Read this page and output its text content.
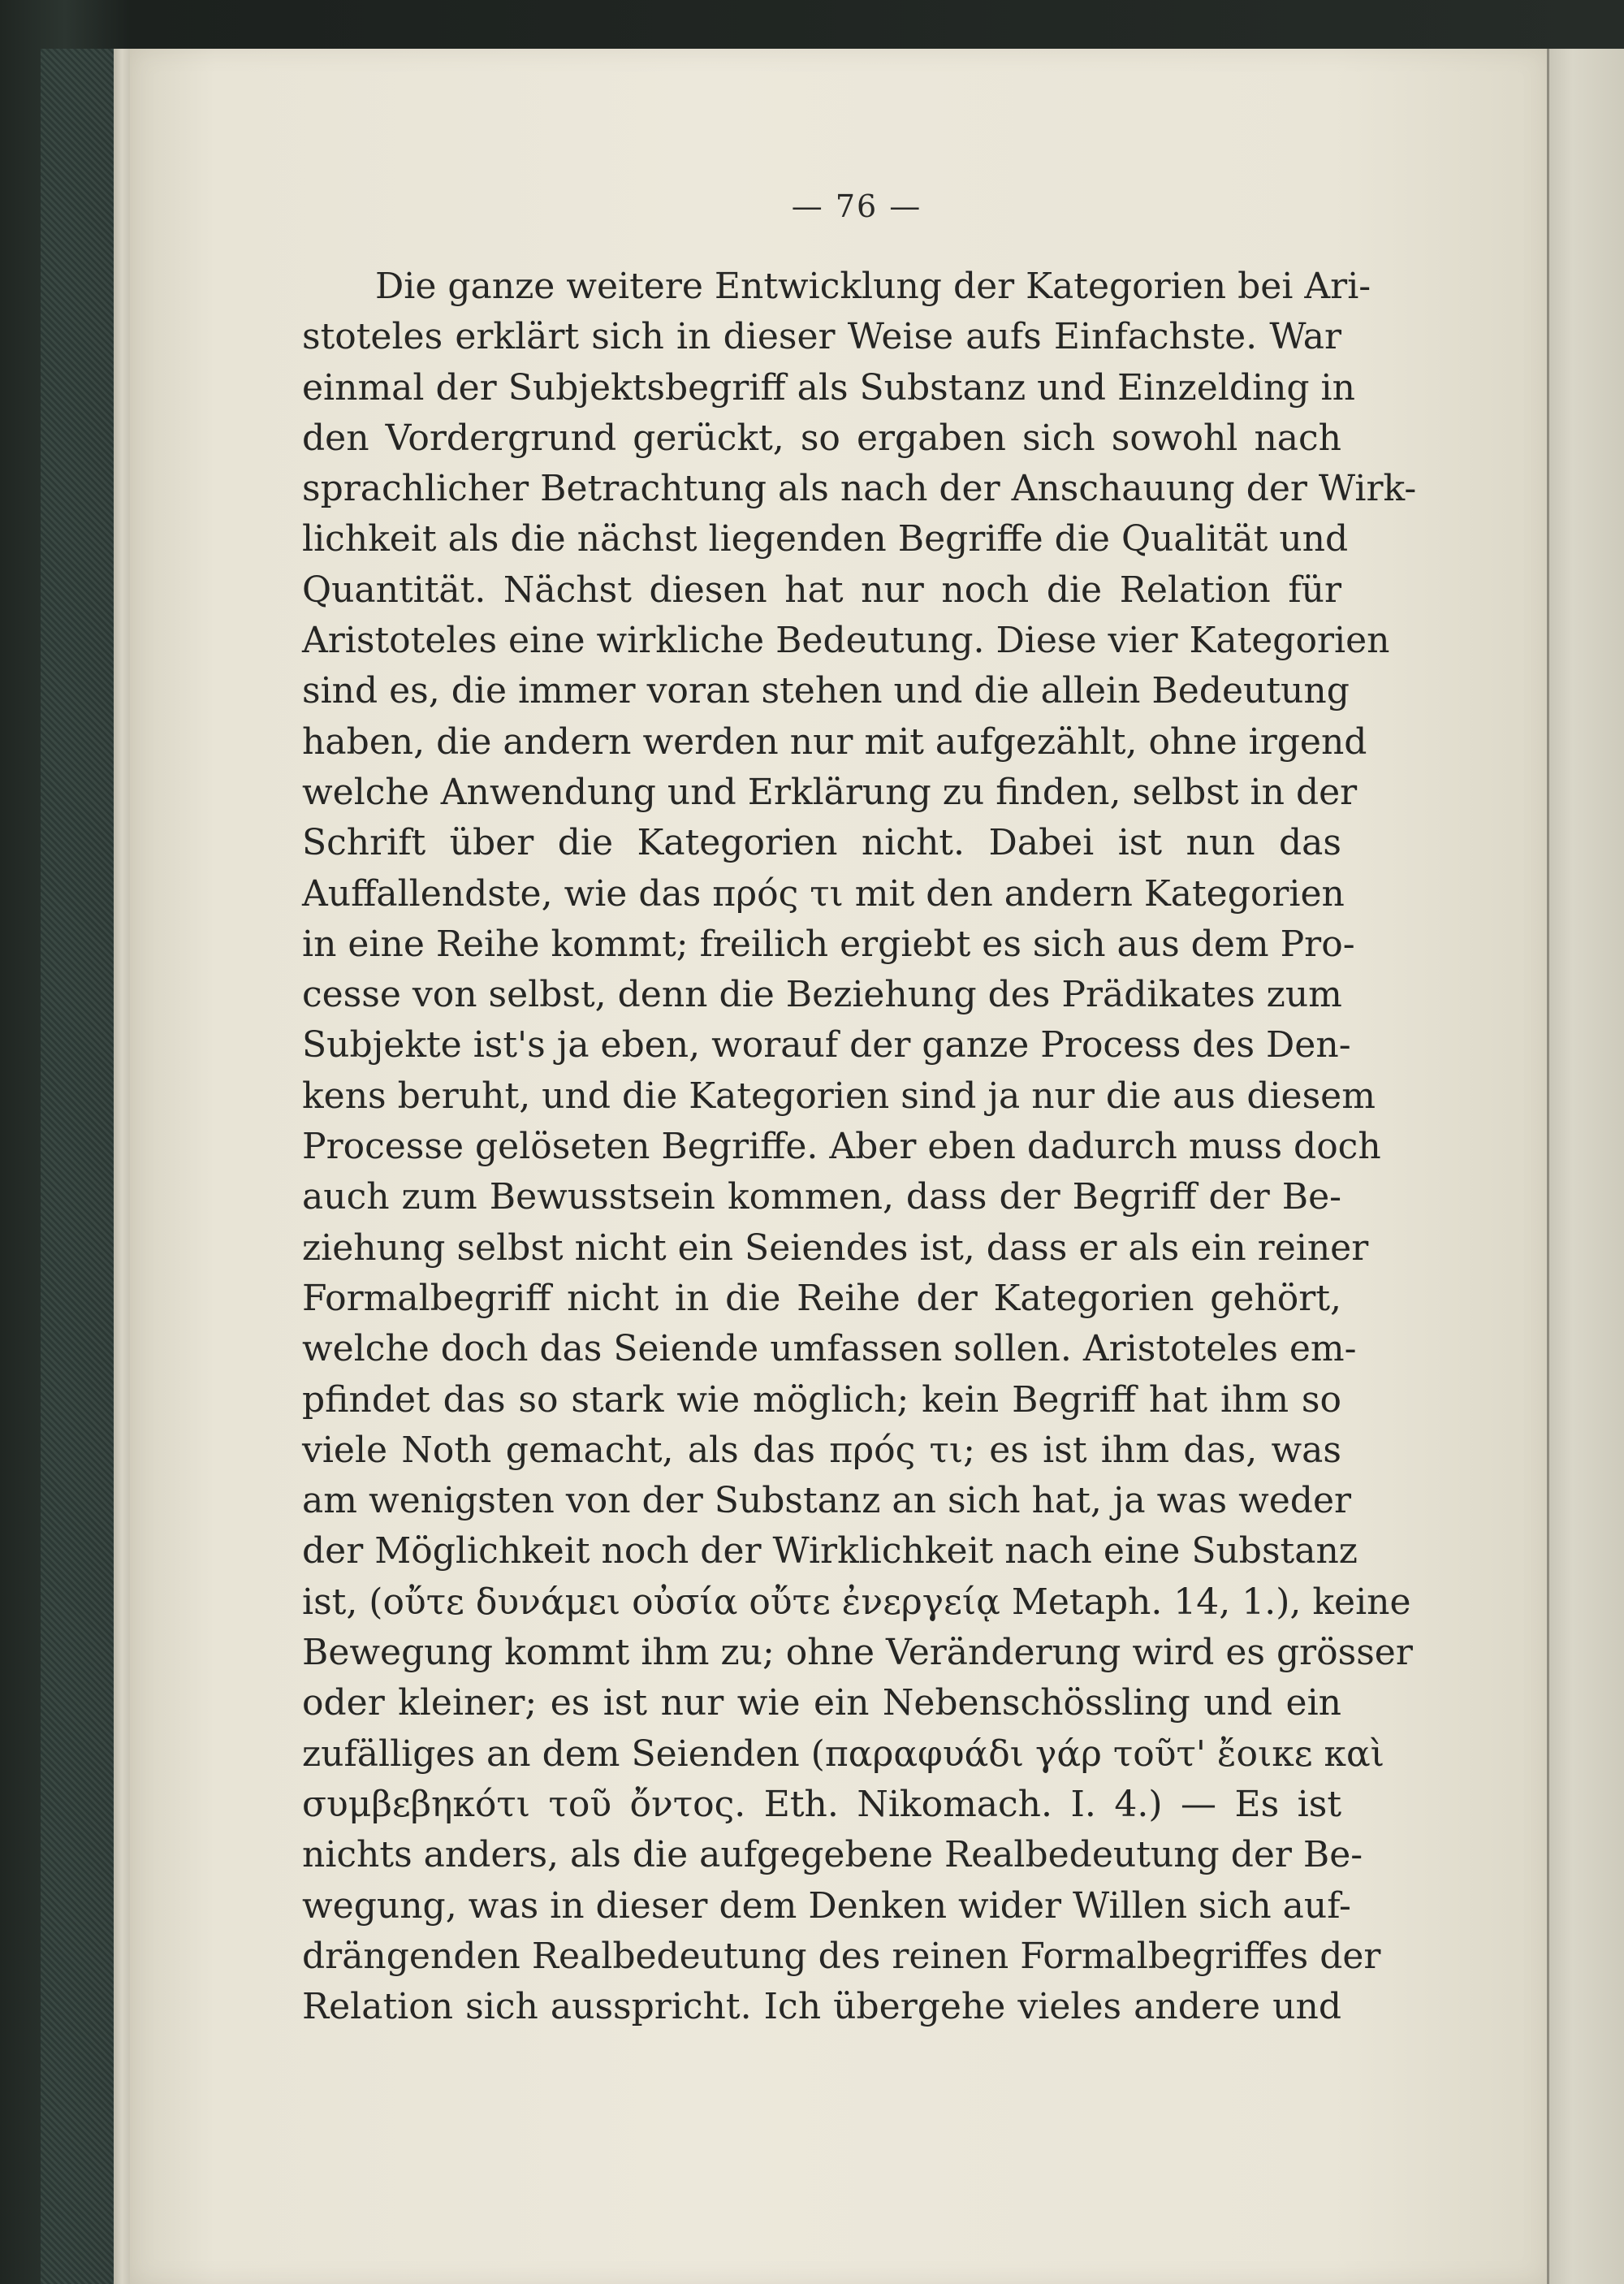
— 76 —
Die ganze weitere Entwicklung der Kategorien bei Ari-
stoteles erklärt sich in dieser Weise aufs Einfachste. War
einmal der Subjektsbegriff als Substanz und Einzelding in
den Vordergrund gerückt, so ergaben sich sowohl nach
sprachlicher Betrachtung als nach der Anschauung der Wirk-
lichkeit als die nächst liegenden Begriffe die Qualität und
Quantität. Nächst diesen hat nur noch die Relation für
Aristoteles eine wirkliche Bedeutung. Diese vier Kategorien
sind es, die immer voran stehen und die allein Bedeutung
haben, die andern werden nur mit aufgezählt, ohne irgend
welche Anwendung und Erklärung zu finden, selbst in der
Schrift über die Kategorien nicht. Dabei ist nun das
Auffallendste, wie das πρός τι mit den andern Kategorien
in eine Reihe kommt; freilich ergiebt es sich aus dem Pro-
cesse von selbst, denn die Beziehung des Prädikates zum
Subjekte ist's ja eben, worauf der ganze Process des Den-
kens beruht, und die Kategorien sind ja nur die aus diesem
Processe gelöseten Begriffe. Aber eben dadurch muss doch
auch zum Bewusstsein kommen, dass der Begriff der Be-
ziehung selbst nicht ein Seiendes ist, dass er als ein reiner
Formalbegriff nicht in die Reihe der Kategorien gehört,
welche doch das Seiende umfassen sollen. Aristoteles em-
pfindet das so stark wie möglich; kein Begriff hat ihm so
viele Noth gemacht, als das πρός τι; es ist ihm das, was
am wenigsten von der Substanz an sich hat, ja was weder
der Möglichkeit noch der Wirklichkeit nach eine Substanz
ist, (οὔτε δυνάμει οὐσία οὔτε ἐνεργείᾳ Metaph. 14, 1.), keine
Bewegung kommt ihm zu; ohne Veränderung wird es grösser
oder kleiner; es ist nur wie ein Nebenschössling und ein
zufälliges an dem Seienden (παραφυάδι γάρ τοῦτ' ἔοικε καὶ
συμβεβηκότι τοῦ ὄντος. Eth. Nikomach. I. 4.) — Es ist
nichts anders, als die aufgegebene Realbedeutung der Be-
wegung, was in dieser dem Denken wider Willen sich auf-
drängenden Realbedeutung des reinen Formalbegriffes der
Relation sich ausspricht. Ich übergehe vieles andere und
